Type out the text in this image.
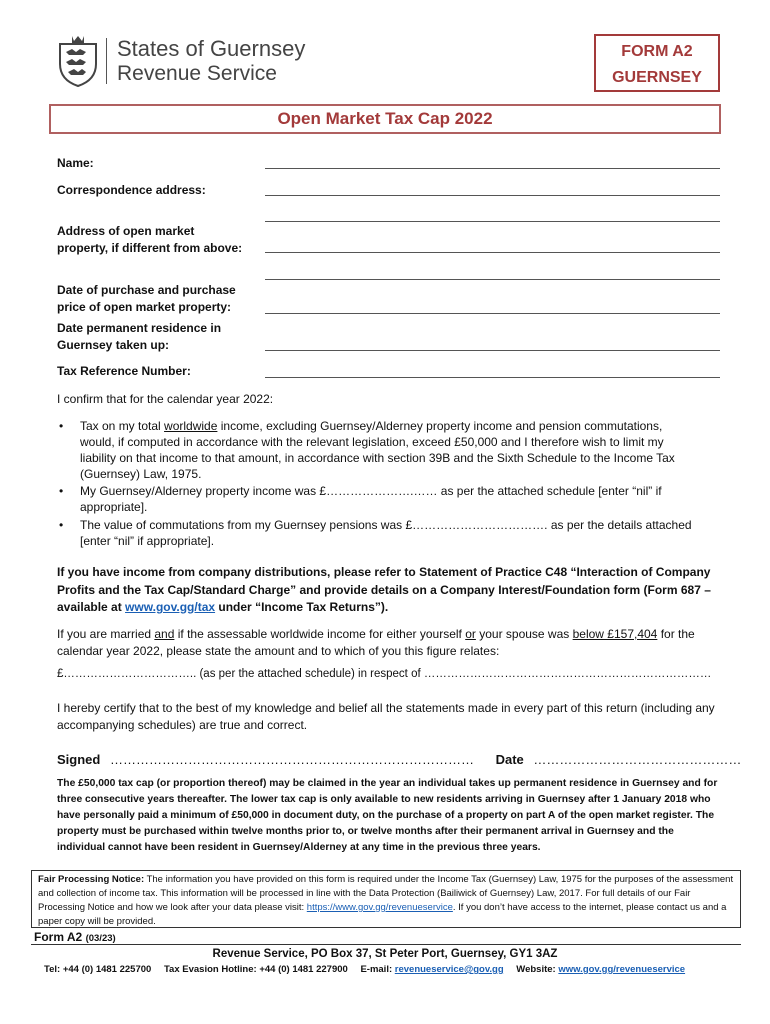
States of Guernsey
Revenue Service
FORM A2
GUERNSEY
Open Market Tax Cap 2022
Name:
Correspondence address:
Address of open market
property, if different from above:
Date of purchase and purchase
price of open market property:
Date permanent residence in
Guernsey taken up:
Tax Reference Number:
I confirm that for the calendar year 2022:
• Tax on my total worldwide income, excluding Guernsey/Alderney property income and pension commutations, would, if computed in accordance with the relevant legislation, exceed £50,000 and I therefore wish to limit my liability on that income to that amount, in accordance with section 39B and the Sixth Schedule to the Income Tax (Guernsey) Law, 1975.
• My Guernsey/Alderney property income was £………………….…… as per the attached schedule [enter “nil” if appropriate].
• The value of commutations from my Guernsey pensions was £……………………………. as per the details attached [enter “nil” if appropriate].
If you have income from company distributions, please refer to Statement of Practice C48 “Interaction of Company Profits and the Tax Cap/Standard Charge” and provide details on a Company Interest/Foundation form (Form 687 – available at www.gov.gg/tax under “Income Tax Returns”).
If you are married and if the assessable worldwide income for either yourself or your spouse was below £157,404 for the calendar year 2022, please state the amount and to which of you this figure relates:
£…………………………….. (as per the attached schedule) in respect of …………………………………………………………………
I hereby certify that to the best of my knowledge and belief all the statements made in every part of this return (including any accompanying schedules) are true and correct.
Signed ………………………………………………………………………… Date …………………………………………
The £50,000 tax cap (or proportion thereof) may be claimed in the year an individual takes up permanent residence in Guernsey and for three consecutive years thereafter. The lower tax cap is only available to new residents arriving in Guernsey after 1 January 2018 who have personally paid a minimum of £50,000 in document duty, on the purchase of a property on part A of the open market register. The property must be purchased within twelve months prior to, or twelve months after their permanent arrival in Guernsey and the individual cannot have been resident in Guernsey/Alderney at any time in the previous three years.
Fair Processing Notice: The information you have provided on this form is required under the Income Tax (Guernsey) Law, 1975 for the purposes of the assessment and collection of income tax. This information will be processed in line with the Data Protection (Bailiwick of Guernsey) Law, 2017. For full details of our Fair Processing Notice and how we look after your data please visit: https://www.gov.gg/revenueservice. If you don’t have access to the internet, please contact us and a paper copy will be provided.
Form A2 (03/23)
Revenue Service, PO Box 37, St Peter Port, Guernsey, GY1 3AZ
Tel: +44 (0) 1481 225700 Tax Evasion Hotline: +44 (0) 1481 227900 E-mail: revenueservice@gov.gg Website: www.gov.gg/revenueservice
